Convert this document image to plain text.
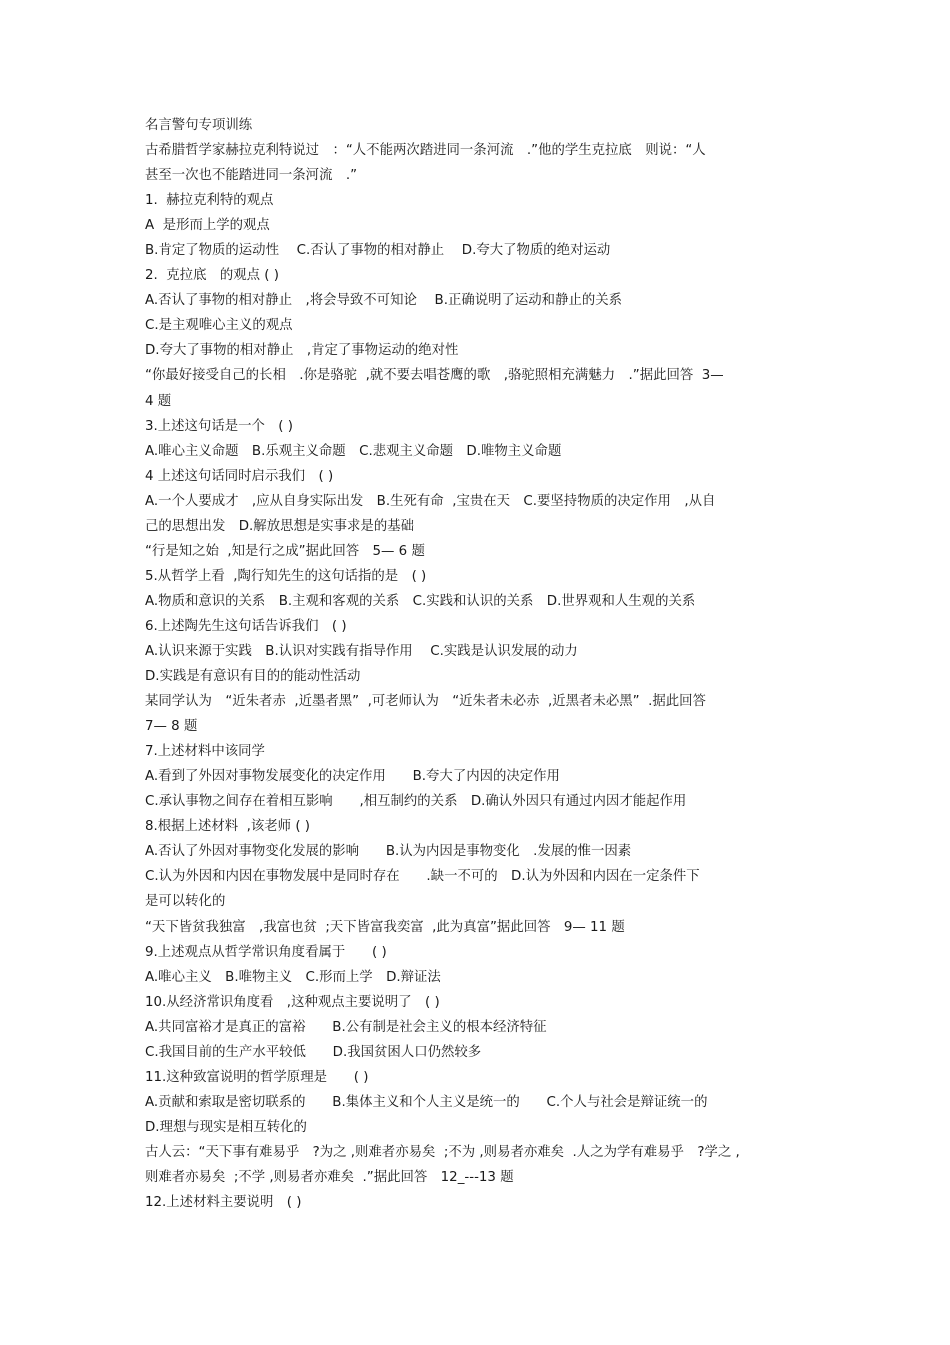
名言警句专项训练
古希腊哲学家赫拉克利特说过　：“人不能两次踏进同一条河流　.”他的学生克拉底　则说：“人
甚至一次也不能踏进同一条河流　.”
1.  赫拉克利特的观点
A  是形而上学的观点
B.肯定了物质的运动性　 C.否认了事物的相对静止　 D.夸大了物质的绝对运动
2.  克拉底　的观点 ( )
A.否认了事物的相对静止　,将会导致不可知论　 B.正确说明了运动和静止的关系
C.是主观唯心主义的观点
D.夸大了事物的相对静止　,肯定了事物运动的绝对性
“你最好接受自己的长相　.你是骆驼  ,就不要去唱苍鹰的歌　,骆驼照相充满魅力　.”据此回答  3—
4 题
3.上述这句话是一个　( )
A.唯心主义命题　B.乐观主义命题　C.悲观主义命题　D.唯物主义命题
4 上述这句话同时启示我们　( )
A.一个人要成才　,应从自身实际出发　B.生死有命  ,宝贵在天　C.要坚持物质的决定作用　,从自
己的思想出发　D.解放思想是实事求是的基础
“行是知之始  ,知是行之成”据此回答　5— 6 题
5.从哲学上看  ,陶行知先生的这句话指的是　( )
A.物质和意识的关系　B.主观和客观的关系　C.实践和认识的关系　D.世界观和人生观的关系
6.上述陶先生这句话告诉我们　( )
A.认识来源于实践　B.认识对实践有指导作用　 C.实践是认识发展的动力
D.实践是有意识有目的的能动性活动
某同学认为　“近朱者赤  ,近墨者黑”  ,可老师认为　“近朱者未必赤  ,近黑者未必黑”  .据此回答
7— 8 题
7.上述材料中该同学
A.看到了外因对事物发展变化的决定作用　　B.夸大了内因的决定作用
C.承认事物之间存在着相互影响　　,相互制约的关系　D.确认外因只有通过内因才能起作用
8.根据上述材料  ,该老师 ( )
A.否认了外因对事物变化发展的影响　　B.认为内因是事物变化　.发展的惟一因素
C.认为外因和内因在事物发展中是同时存在　　.缺一不可的　D.认为外因和内因在一定条件下
是可以转化的
“天下皆贫我独富　,我富也贫  ;天下皆富我奕富  ,此为真富”据此回答　9— 11 题
9.上述观点从哲学常识角度看属于　　( )
A.唯心主义　B.唯物主义　C.形而上学　D.辩证法
10.从经济常识角度看　,这种观点主要说明了　( )
A.共同富裕才是真正的富裕　　B.公有制是社会主义的根本经济特征
C.我国目前的生产水平较低　　D.我国贫困人口仍然较多
11.这种致富说明的哲学原理是　　( )
A.贡献和索取是密切联系的　　B.集体主义和个人主义是统一的　　C.个人与社会是辩证统一的
D.理想与现实是相互转化的
古人云：“天下事有难易乎　?为之 ,则难者亦易矣  ;不为 ,则易者亦难矣  .人之为学有难易乎　?学之 ,
则难者亦易矣  ;不学 ,则易者亦难矣  .”据此回答　12_---13 题
12.上述材料主要说明　( )
